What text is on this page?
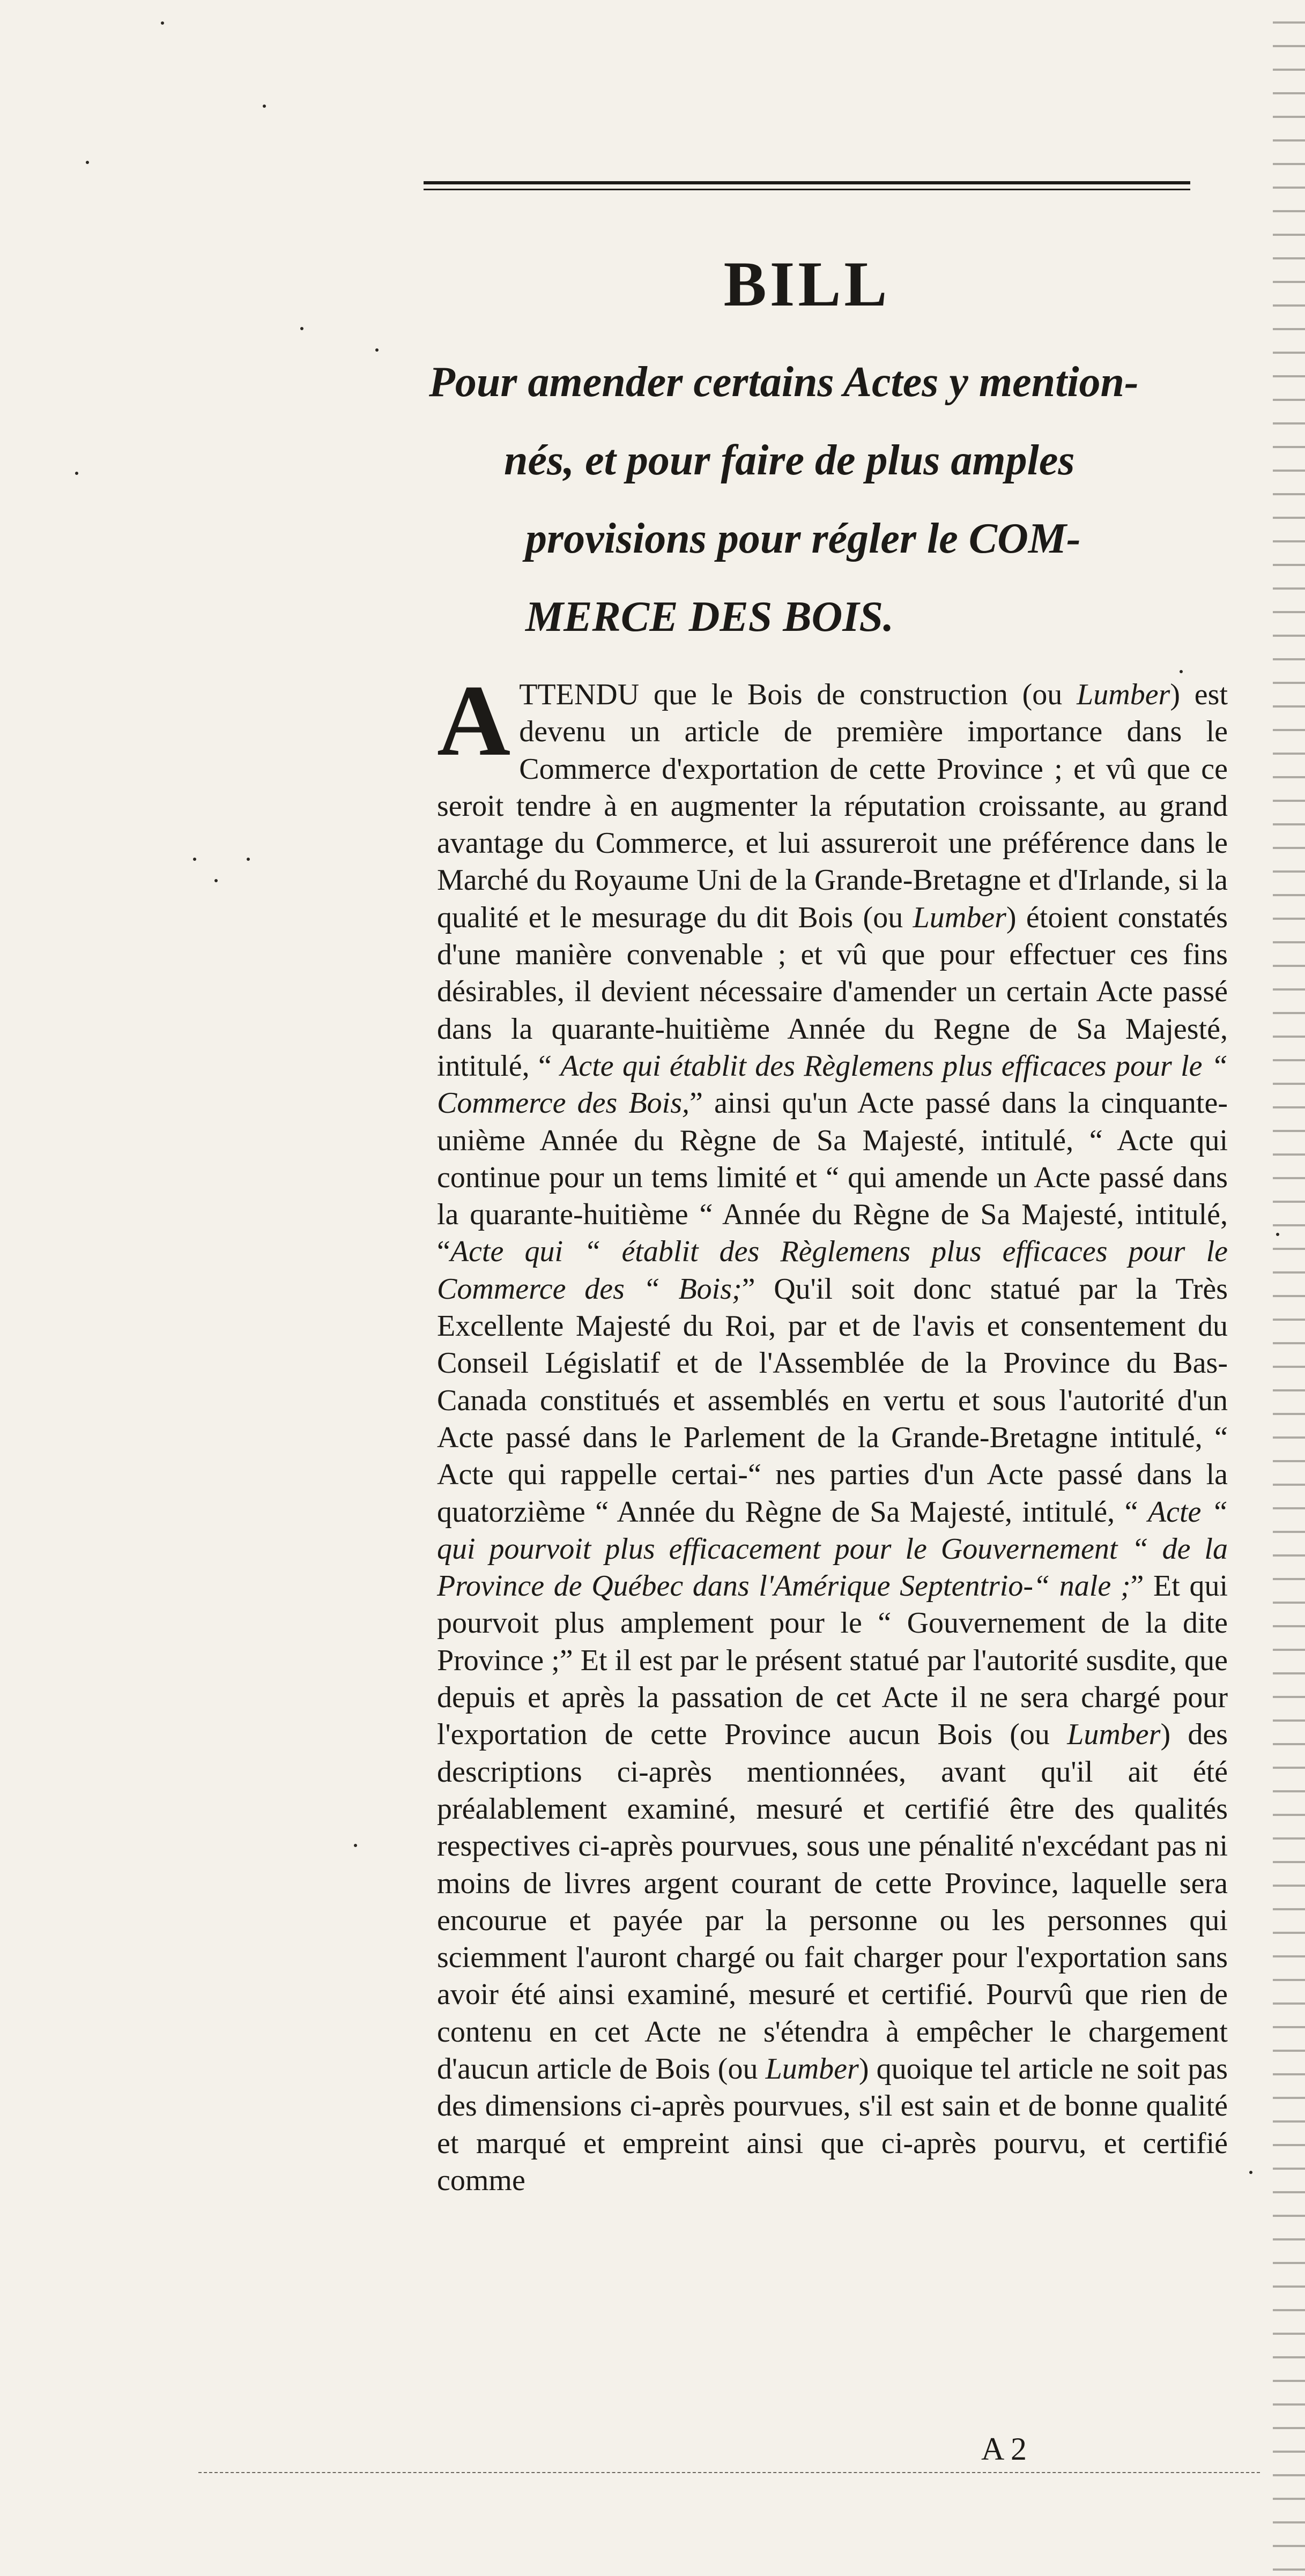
BILL

Pour amender certains Actes y mention-
nés, et pour faire de plus amples
provisions pour régler le COM-
MERCE DES BOIS.

A TTENDU que le Bois de construction (ou Lumber) est devenu un article de première importance dans le Commerce d'exportation de cette Province ; et vû que ce seroit tendre à en augmenter la réputation croissante, au grand avantage du Commerce, et lui assureroit une préférence dans le Marché du Royaume Uni de la Grande-Bretagne et d'Irlande, si la qualité et le mesurage du dit Bois (ou Lumber) étoient constatés d'une manière convenable ; et vû que pour effectuer ces fins désirables, il devient nécessaire d'amender un certain Acte passé dans la quarante-huitième Année du Regne de Sa Majesté, intitulé, “ Acte qui établit des Règlemens plus efficaces pour le “ Commerce des Bois,” ainsi qu'un Acte passé dans la cinquante-unième Année du Règne de Sa Majesté, intitulé, “ Acte qui continue pour un tems limité et “ qui amende un Acte passé dans la quarante-huitième “ Année du Règne de Sa Majesté, intitulé, “Acte qui “ établit des Règlemens plus efficaces pour le Commerce des “ Bois;” Qu'il soit donc statué par la Très Excellente Majesté du Roi, par et de l'avis et consentement du Conseil Législatif et de l'Assemblée de la Province du Bas-Canada constitués et assemblés en vertu et sous l'autorité d'un Acte passé dans le Parlement de la Grande-Bretagne intitulé, “ Acte qui rappelle certai-“ nes parties d'un Acte passé dans la quatorzième “ Année du Règne de Sa Majesté, intitulé, “ Acte “ qui pourvoit plus efficacement pour le Gouvernement “ de la Province de Québec dans l'Amérique Septentrio-“ nale ;” Et qui pourvoit plus amplement pour le “ Gouvernement de la dite Province ;” Et il est par le présent statué par l'autorité susdite, que depuis et après la passation de cet Acte il ne sera chargé pour l'exportation de cette Province aucun Bois (ou Lumber) des descriptions ci-après mentionnées, avant qu'il ait été préalablement examiné, mesuré et certifié être des qualités respectives ci-après pourvues, sous une pénalité n'excédant pas ni moins de livres argent courant de cette Province, laquelle sera encourue et payée par la personne ou les personnes qui sciemment l'auront chargé ou fait charger pour l'exportation sans avoir été ainsi examiné, mesuré et certifié. Pourvû que rien de contenu en cet Acte ne s'étendra à empêcher le chargement d'aucun article de Bois (ou Lumber) quoique tel article ne soit pas des dimensions ci-après pourvues, s'il est sain et de bonne qualité et marqué et empreint ainsi que ci-après pourvu, et certifié comme

A 2
